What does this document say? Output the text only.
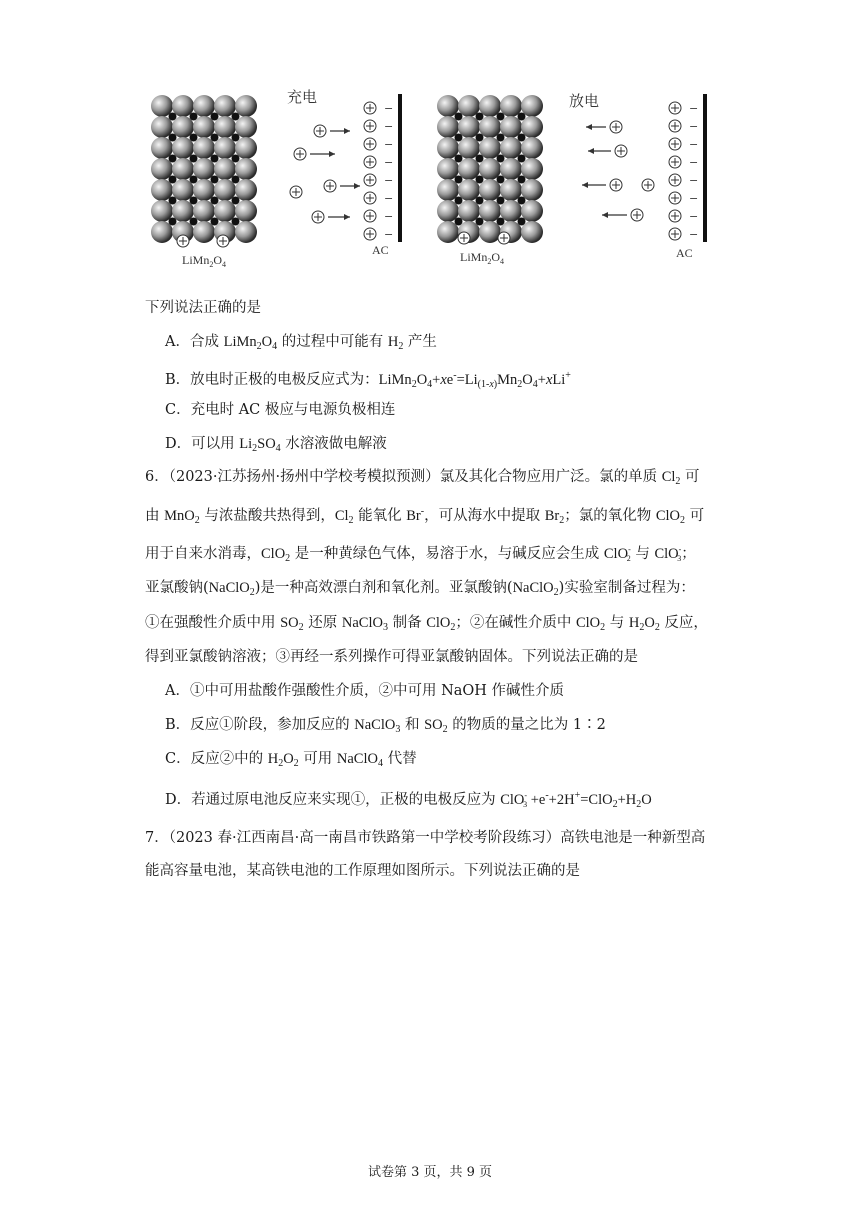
充电	放电
$LiMn_2O_4$
$LiMn_2O_4$
AC	AC
−
−
−
−
−
−
−
−
−
−
−
−
−
−
−
−
下列说法正确的是
A．合成 $LiMn_2O_4$ 的过程中可能有 $H_2$ 产生
B．放电时正极的电极反应式为：$LiMn_2O_4+xe^-=Li_{(1-x)}Mn_2O_4+xLi^+$
C．充电时 AC 极应与电源负极相连
D．可以用 $Li_2SO_4$ 水溶液做电解液
6．（2023·江苏扬州·扬州中学校考模拟预测）氯及其化合物应用广泛。氯的单质 $Cl_2$ 可
由 MnO$_2$ 与浓盐酸共热得到，$Cl_2$ 能氧化 Br-，可从海水中提取 $Br_2$；氯的氧化物 ClO$_2$ 可
用于自来水消毒，ClO$_2$ 是一种黄绿色气体，易溶于水，与碱反应会生成 ClO-$_2$ 与 ClO-$_3$；
亚氯酸钠(NaClO$_2$)是一种高效漂白剂和氧化剂。亚氯酸钠(NaClO$_2$)实验室制备过程为：
①在强酸性介质中用 $SO_2$ 还原 NaClO$_3$ 制备 ClO$_2$；②在碱性介质中 ClO$_2$ 与 $H_2O_2$ 反应，
得到亚氯酸钠溶液；③再经一系列操作可得亚氯酸钠固体。下列说法正确的是
A．①中可用盐酸作强酸性介质，②中可用 NaOH 作碱性介质
B．反应①阶段，参加反应的 NaClO$_3$ 和 $SO_2$ 的物质的量之比为 1∶2
C．反应②中的 $H_2O_2$ 可用 NaClO$_4$ 代替
D．若通过原电池反应来实现①，正极的电极反应为 $ClO^-_3 +e^-+2H^+=ClO_2+H_2O$
7．（2023 春·江西南昌·高一南昌市铁路第一中学校考阶段练习）高铁电池是一种新型高
能高容量电池，某高铁电池的工作原理如图所示。下列说法正确的是
试卷第 3 页，共 9 页
